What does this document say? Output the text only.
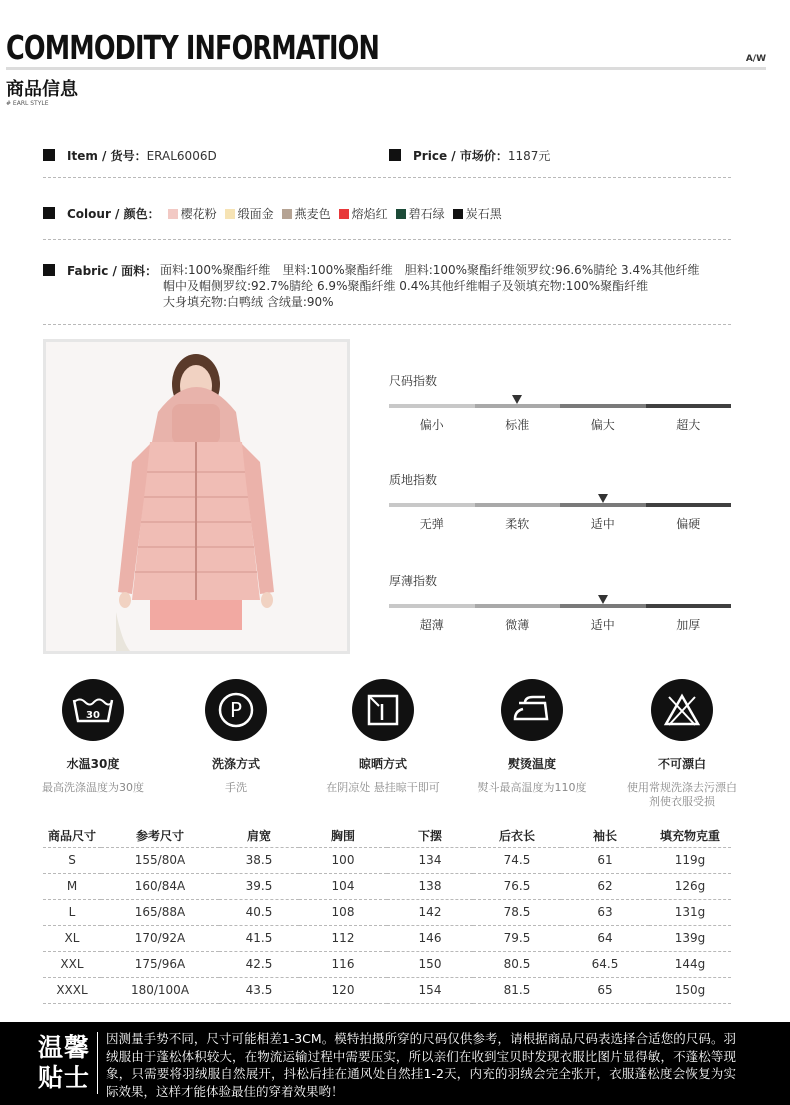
COMMODITY INFORMATION	A/W
商品信息
# EARL STYLE
Item / 货号：ERAL6006D	Price / 市场价：1187元
Colour / 颜色： 樱花粉 缎面金 燕麦色 熔焰红 碧石绿 炭石黑
Fabric / 面料： 面料:100%聚酯纤维　里料:100%聚酯纤维　胆料:100%聚酯纤维领罗纹:96.6%腈纶 3.4%其他纤维
帽中及帽侧罗纹:92.7%腈纶 6.9%聚酯纤维 0.4%其他纤维帽子及领填充物:100%聚酯纤维
大身填充物:白鸭绒 含绒量:90%
尺码指数
偏小	标准	偏大	超大
质地指数
无弹	柔软	适中	偏硬
厚薄指数
超薄	微薄	适中	加厚
30
水温30度
最高洗涤温度为30度
P
洗涤方式
手洗
晾晒方式
在阴凉处 悬挂晾干即可
熨烫温度
熨斗最高温度为110度
不可漂白
使用常规洗涤去污漂白剂使衣服受损
商品尺寸	参考尺寸	肩宽	胸围	下摆	后衣长	袖长	填充物克重
S	155/80A	38.5	100	134	74.5	61	119g
M	160/84A	39.5	104	138	76.5	62	126g
L	165/88A	40.5	108	142	78.5	63	131g
XL	170/92A	41.5	112	146	79.5	64	139g
XXL	175/96A	42.5	116	150	80.5	64.5	144g
XXXL	180/100A	43.5	120	154	81.5	65	150g
温馨
贴士
因测量手势不同，尺寸可能相差1-3CM。模特拍摄所穿的尺码仅供参考，请根据商品尺码表选择合适您的尺码。羽绒服由于蓬松体积较大，在物流运输过程中需要压实，所以亲们在收到宝贝时发现衣服比图片显得敏，不蓬松等现象，只需要将羽绒服自然展开，抖松后挂在通风处自然挂1-2天，内充的羽绒会完全张开，衣服蓬松度会恢复为实际效果，这样才能体验最佳的穿着效果哟！
